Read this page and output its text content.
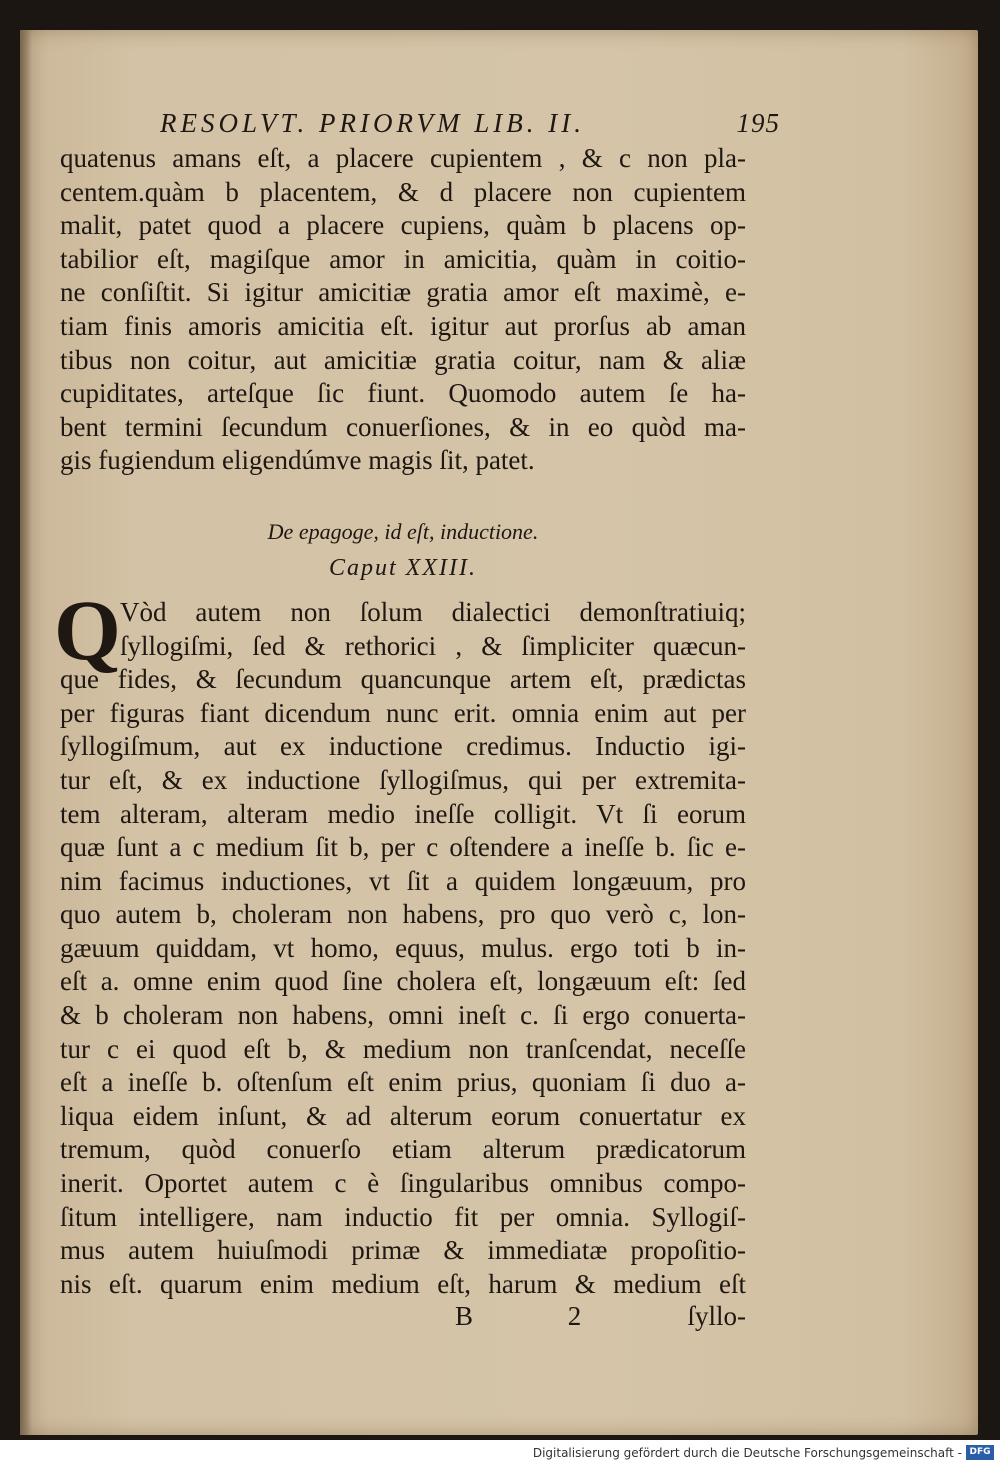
RESOLVT. PRIORVM LIB. II.	195
quatenus amans eſt, a placere cupientem , & c non pla-
centem.quàm b placentem, & d placere non cupientem
malit, patet quod a placere cupiens, quàm b placens op-
tabilior eſt, magiſque amor in amicitia, quàm in coitio-
ne conſiſtit. Si igitur amicitiæ gratia amor eſt maximè, e-
tiam finis amoris amicitia eſt. igitur aut prorſus ab aman
tibus non coitur, aut amicitiæ gratia coitur, nam & aliæ
cupiditates, arteſque ſic fiunt. Quomodo autem ſe ha-
bent termini ſecundum conuerſiones, & in eo quòd ma-
gis fugiendum eligendúmve magis ſit, patet.
De epagoge, id eſt, inductione.
Caput XXIII.
Q Vòd autem non ſolum dialectici demonſtratiuiq;
ſyllogiſmi, ſed & rethorici , & ſimpliciter quæcun-
que fides, & ſecundum quancunque artem eſt, prædictas
per figuras fiant dicendum nunc erit. omnia enim aut per
ſyllogiſmum, aut ex inductione credimus. Inductio igi-
tur eſt, & ex inductione ſyllogiſmus, qui per extremita-
tem alteram, alteram medio ineſſe colligit. Vt ſi eorum
quæ ſunt a c medium ſit b, per c oſtendere a ineſſe b. ſic e-
nim facimus inductiones, vt ſit a quidem longæuum, pro
quo autem b, choleram non habens, pro quo verò c, lon-
gæuum quiddam, vt homo, equus, mulus. ergo toti b in-
eſt a. omne enim quod ſine cholera eſt, longæuum eſt: ſed
& b choleram non habens, omni ineſt c. ſi ergo conuerta-
tur c ei quod eſt b, & medium non tranſcendat, neceſſe
eſt a ineſſe b. oſtenſum eſt enim prius, quoniam ſi duo a-
liqua eidem inſunt, & ad alterum eorum conuertatur ex
tremum, quòd conuerſo etiam alterum prædicatorum
inerit. Oportet autem c è ſingularibus omnibus compo-
ſitum intelligere, nam inductio fit per omnia. Syllogiſ-
mus autem huiuſmodi primæ & immediatæ propoſitio-
nis eſt. quarum enim medium eſt, harum & medium eſt
B 2 ſyllo-
Digitalisierung gefördert durch die Deutsche Forschungsgemeinschaft - DFG
